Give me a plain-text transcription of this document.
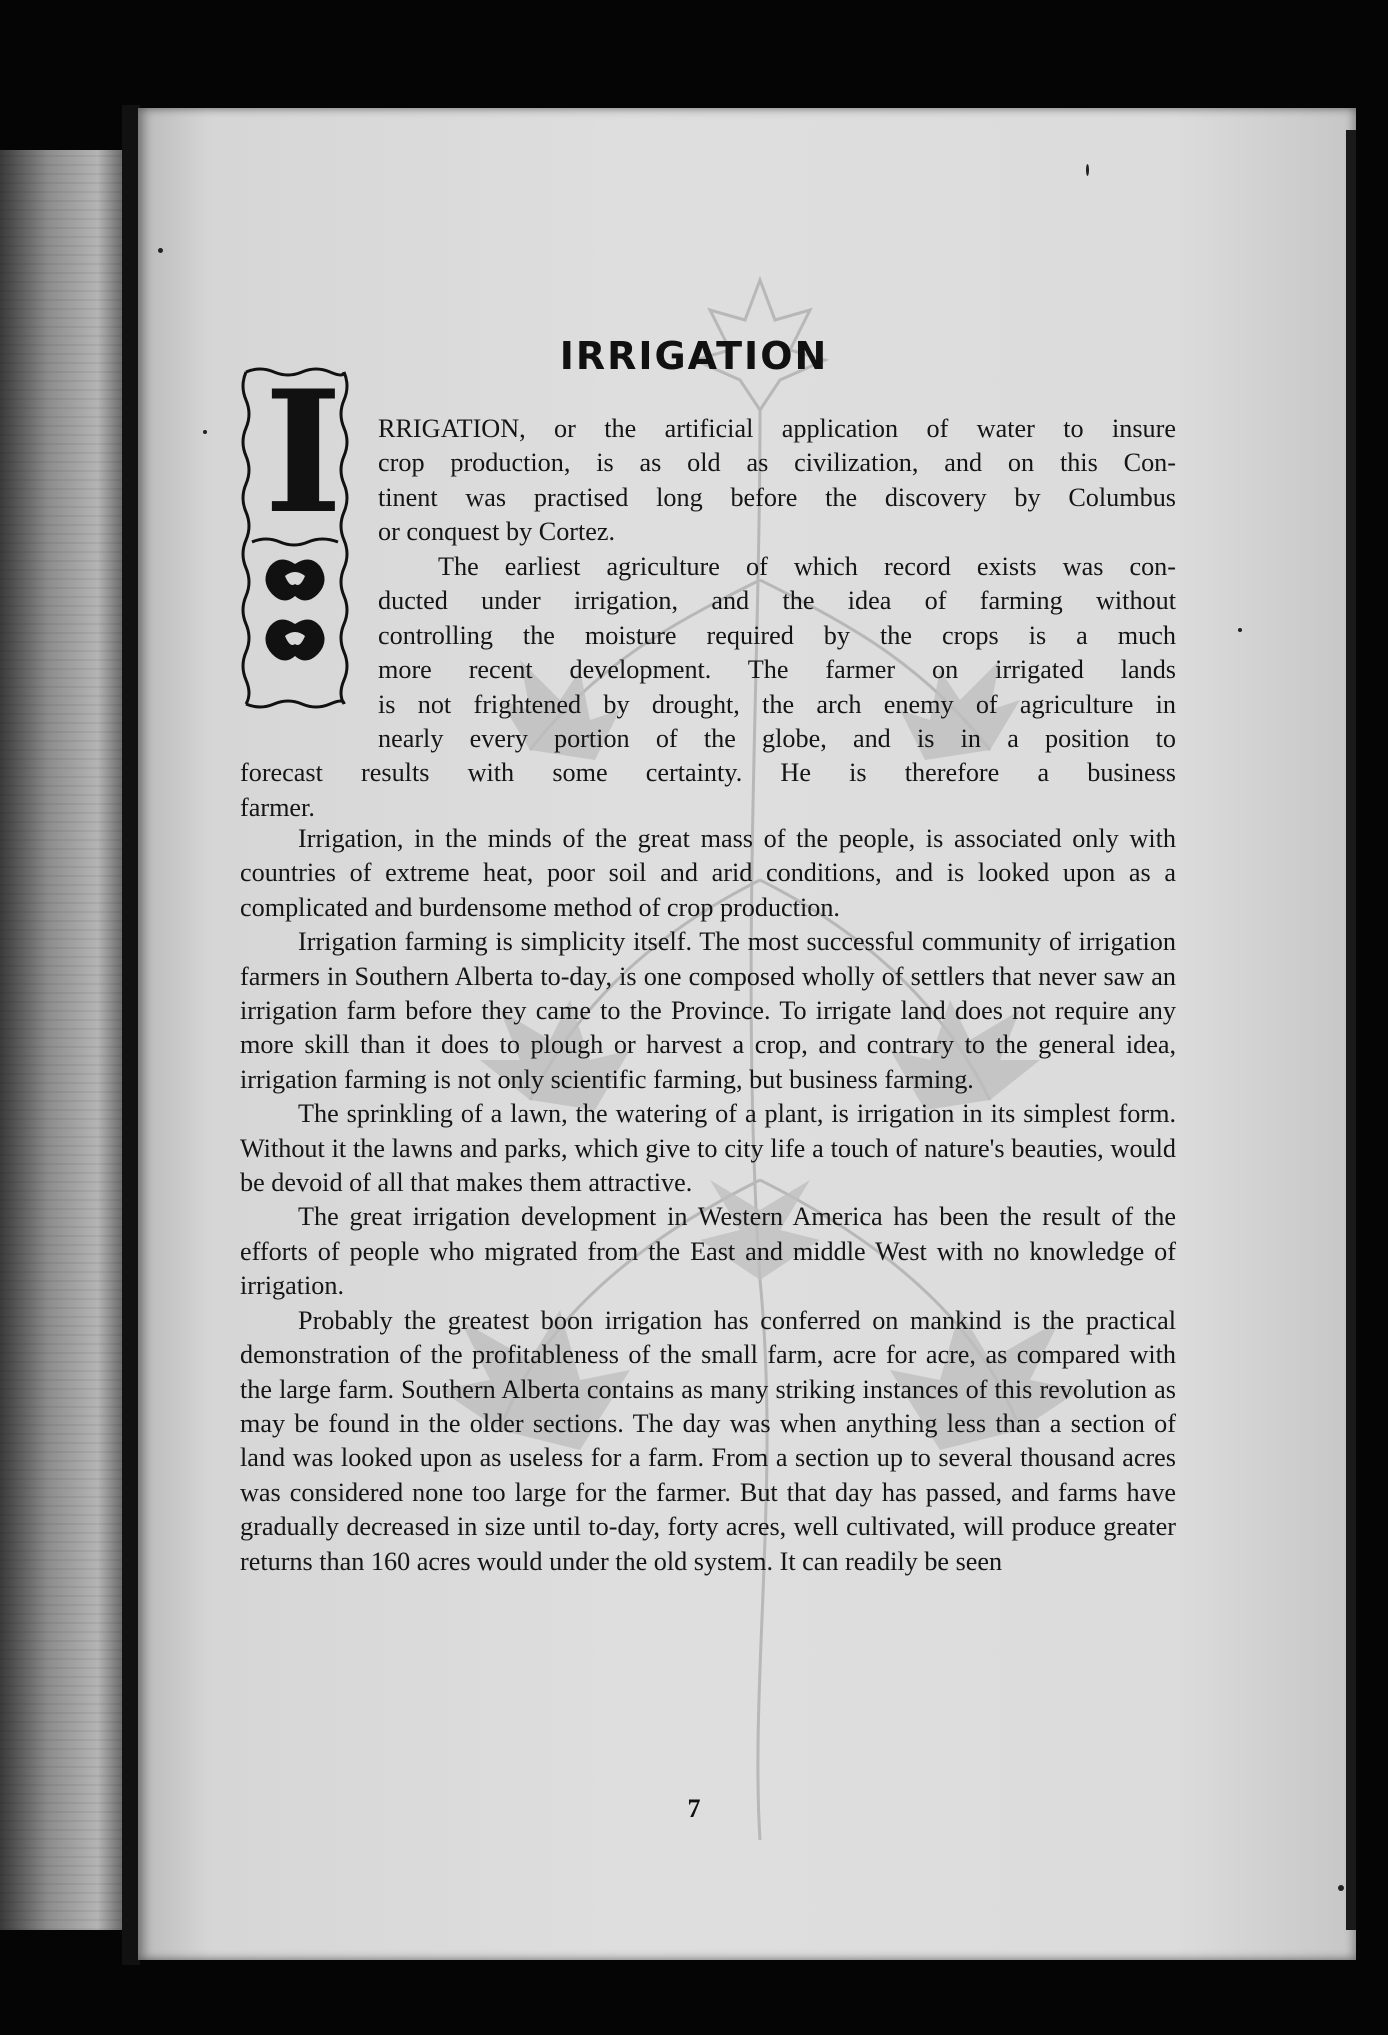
IRRIGATION
I RRIGATION, or the artificial application of water to insure
crop production, is as old as civilization, and on this Con-
tinent was practised long before the discovery by Columbus
or conquest by Cortez.
The earliest agriculture of which record exists was con-
ducted under irrigation, and the idea of farming without
controlling the moisture required by the crops is a much
more recent development. The farmer on irrigated lands
is not frightened by drought, the arch enemy of agriculture in
nearly every portion of the globe, and is in a position to
forecast results with some certainty. He is therefore a business
farmer.

Irrigation, in the minds of the great mass of the people, is associated only with countries of extreme heat, poor soil and arid conditions, and is looked upon as a complicated and burdensome method of crop production.

Irrigation farming is simplicity itself. The most successful community of irrigation farmers in Southern Alberta to-day, is one composed wholly of settlers that never saw an irrigation farm before they came to the Province. To irrigate land does not require any more skill than it does to plough or harvest a crop, and contrary to the general idea, irrigation farming is not only scientific farming, but business farming.

The sprinkling of a lawn, the watering of a plant, is irrigation in its simplest form. Without it the lawns and parks, which give to city life a touch of nature's beauties, would be devoid of all that makes them attractive.

The great irrigation development in Western America has been the result of the efforts of people who migrated from the East and middle West with no knowledge of irrigation.

Probably the greatest boon irrigation has conferred on mankind is the practical demonstration of the profitableness of the small farm, acre for acre, as compared with the large farm. Southern Alberta contains as many striking instances of this revolution as may be found in the older sections. The day was when anything less than a section of land was looked upon as useless for a farm. From a section up to several thousand acres was considered none too large for the farmer. But that day has passed, and farms have gradually decreased in size until to-day, forty acres, well cultivated, will produce greater returns than 160 acres would under the old system. It can readily be seen

7
